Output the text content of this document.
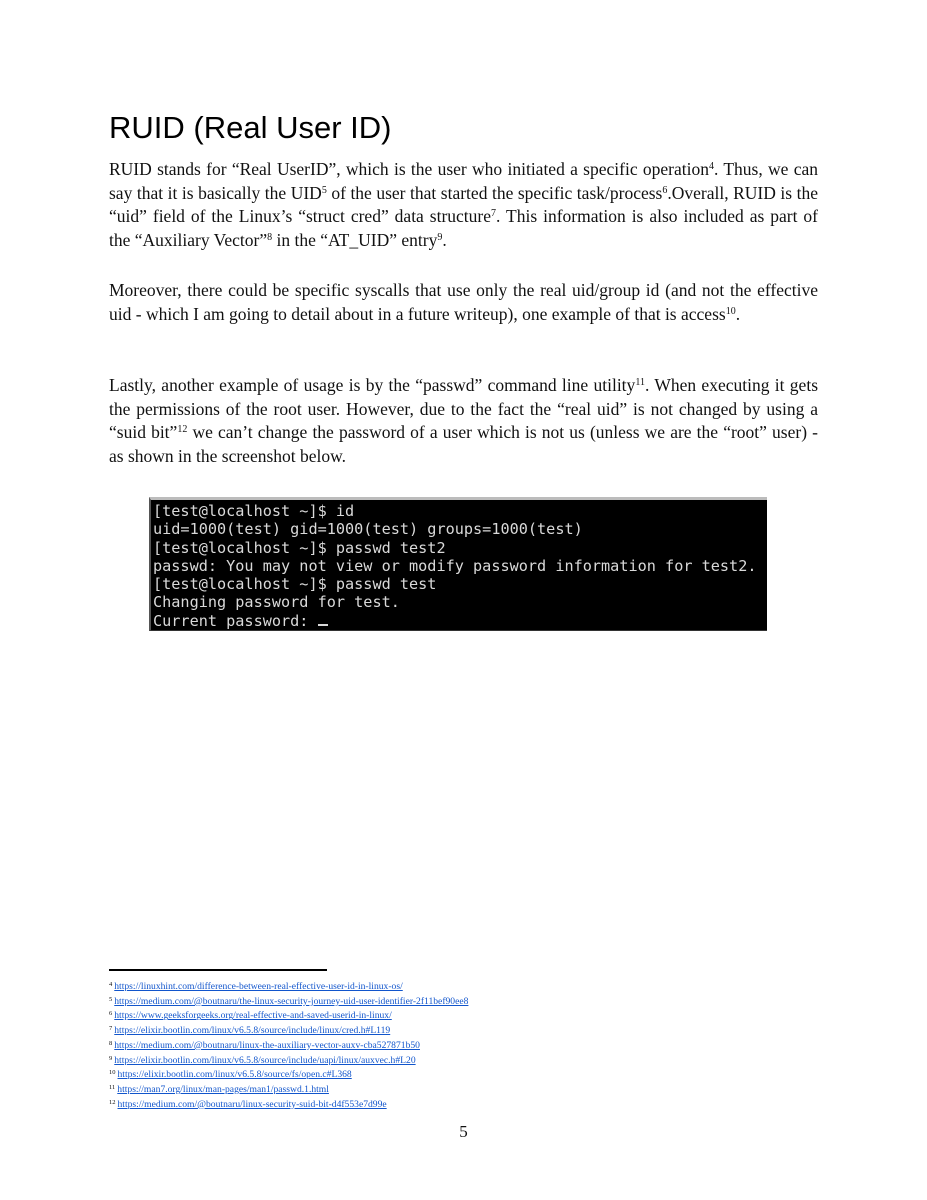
RUID (Real User ID)

RUID stands for “Real UserID”, which is the user who initiated a specific operation$^4$. Thus, we can say that it is basically the UID$^5$ of the user that started the specific task/process$^6$.Overall, RUID is the “uid” field of the Linux’s “struct cred” data structure$^7$. This information is also included as part of the “Auxiliary Vector”$^8$ in the “AT_UID” entry$^9$.

Moreover, there could be specific syscalls that use only the real uid/group id (and not the effective uid - which I am going to detail about in a future writeup), one example of that is access$^{10}$.

Lastly, another example of usage is by the “passwd” command line utility$^{11}$. When executing it gets the permissions of the root user. However, due to the fact the “real uid” is not changed by using a “suid bit”$^{12}$ we can’t change the password of a user which is not us (unless we are the “root” user) - as shown in the screenshot below.

[test@localhost ~]$ id
uid=1000(test) gid=1000(test) groups=1000(test)
[test@localhost ~]$ passwd test2
passwd: You may not view or modify password information for test2.
[test@localhost ~]$ passwd test
Changing password for test.
Current password:
$^4$ https://linuxhint.com/difference-between-real-effective-user-id-in-linux-os/
$^5$ https://medium.com/@boutnaru/the-linux-security-journey-uid-user-identifier-2f11bef90ee8
$^6$ https://www.geeksforgeeks.org/real-effective-and-saved-userid-in-linux/
$^7$ https://elixir.bootlin.com/linux/v6.5.8/source/include/linux/cred.h#L119
$^8$ https://medium.com/@boutnaru/linux-the-auxiliary-vector-auxv-cba527871b50
$^9$ https://elixir.bootlin.com/linux/v6.5.8/source/include/uapi/linux/auxvec.h#L20
$^{10}$ https://elixir.bootlin.com/linux/v6.5.8/source/fs/open.c#L368
$^{11}$ https://man7.org/linux/man-pages/man1/passwd.1.html
$^{12}$ https://medium.com/@boutnaru/linux-security-suid-bit-d4f553e7d99e
5
